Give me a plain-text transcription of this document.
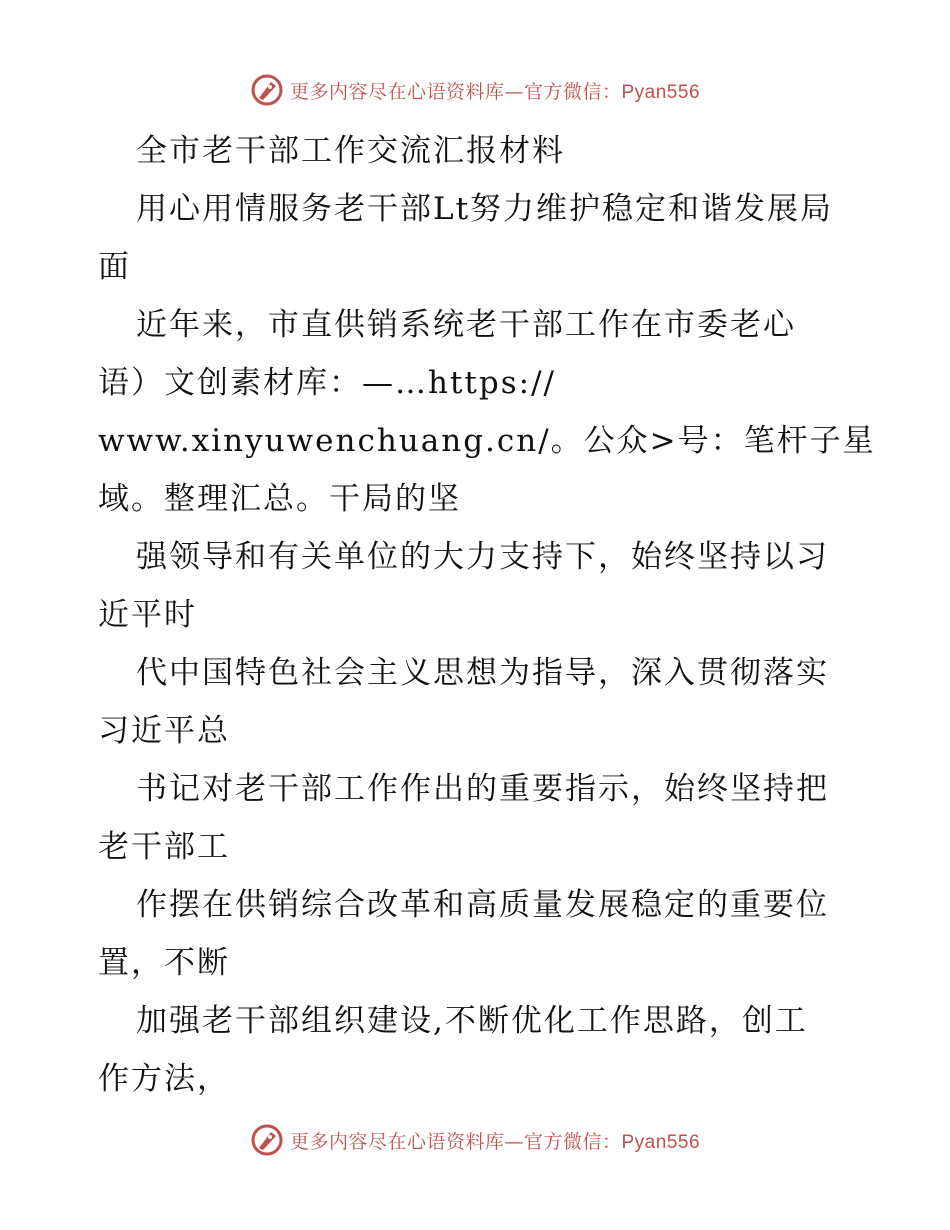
更多内容尽在心语资料库—官方微信：Pyan556
全市老干部工作交流汇报材料
用心用情服务老干部Lt努力维护稳定和谐发展局
面
近年来，市直供销系统老干部工作在市委老心
语）文创素材库：—…https://
www.xinyuwenchuang.cn/。公众>号：笔杆子星
域。整理汇总。干局的坚
强领导和有关单位的大力支持下，始终坚持以习
近平时
代中国特色社会主义思想为指导，深入贯彻落实
习近平总
书记对老干部工作作出的重要指示，始终坚持把
老干部工
作摆在供销综合改革和高质量发展稳定的重要位
置，不断
加强老干部组织建设,不断优化工作思路，创工
作方法，
更多内容尽在心语资料库—官方微信：Pyan556
